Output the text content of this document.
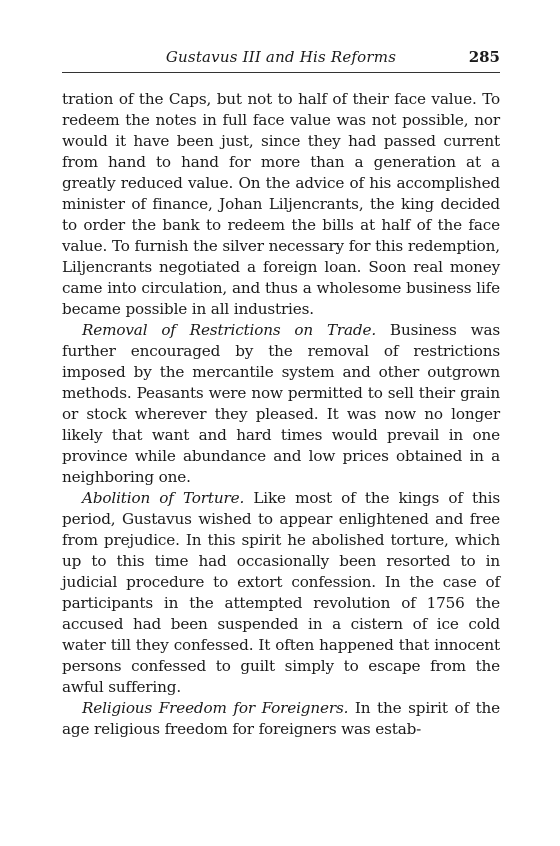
Gustavus III and His Reforms	285

tration of the Caps, but not to half of their face value. To redeem the notes in full face value was not possible, nor would it have been just, since they had passed current from hand to hand for more than a generation at a greatly reduced value. On the advice of his accomplished minister of finance, Johan Liljencrants, the king decided to order the bank to redeem the bills at half of the face value. To furnish the silver necessary for this redemption, Liljencrants negotiated a foreign loan. Soon real money came into circulation, and thus a wholesome business life became possible in all industries.

Removal of Restrictions on Trade. Business was further encouraged by the removal of restrictions imposed by the mercantile system and other outgrown methods. Peasants were now permitted to sell their grain or stock wherever they pleased. It was now no longer likely that want and hard times would prevail in one province while abundance and low prices obtained in a neighboring one.

Abolition of Torture. Like most of the kings of this period, Gustavus wished to appear enlightened and free from prejudice. In this spirit he abolished torture, which up to this time had occasionally been resorted to in judicial procedure to extort confession. In the case of participants in the attempted revolution of 1756 the accused had been suspended in a cistern of ice cold water till they confessed. It often happened that innocent persons confessed to guilt simply to escape from the awful suffering.

Religious Freedom for Foreigners. In the spirit of the age religious freedom for foreigners was estab-
